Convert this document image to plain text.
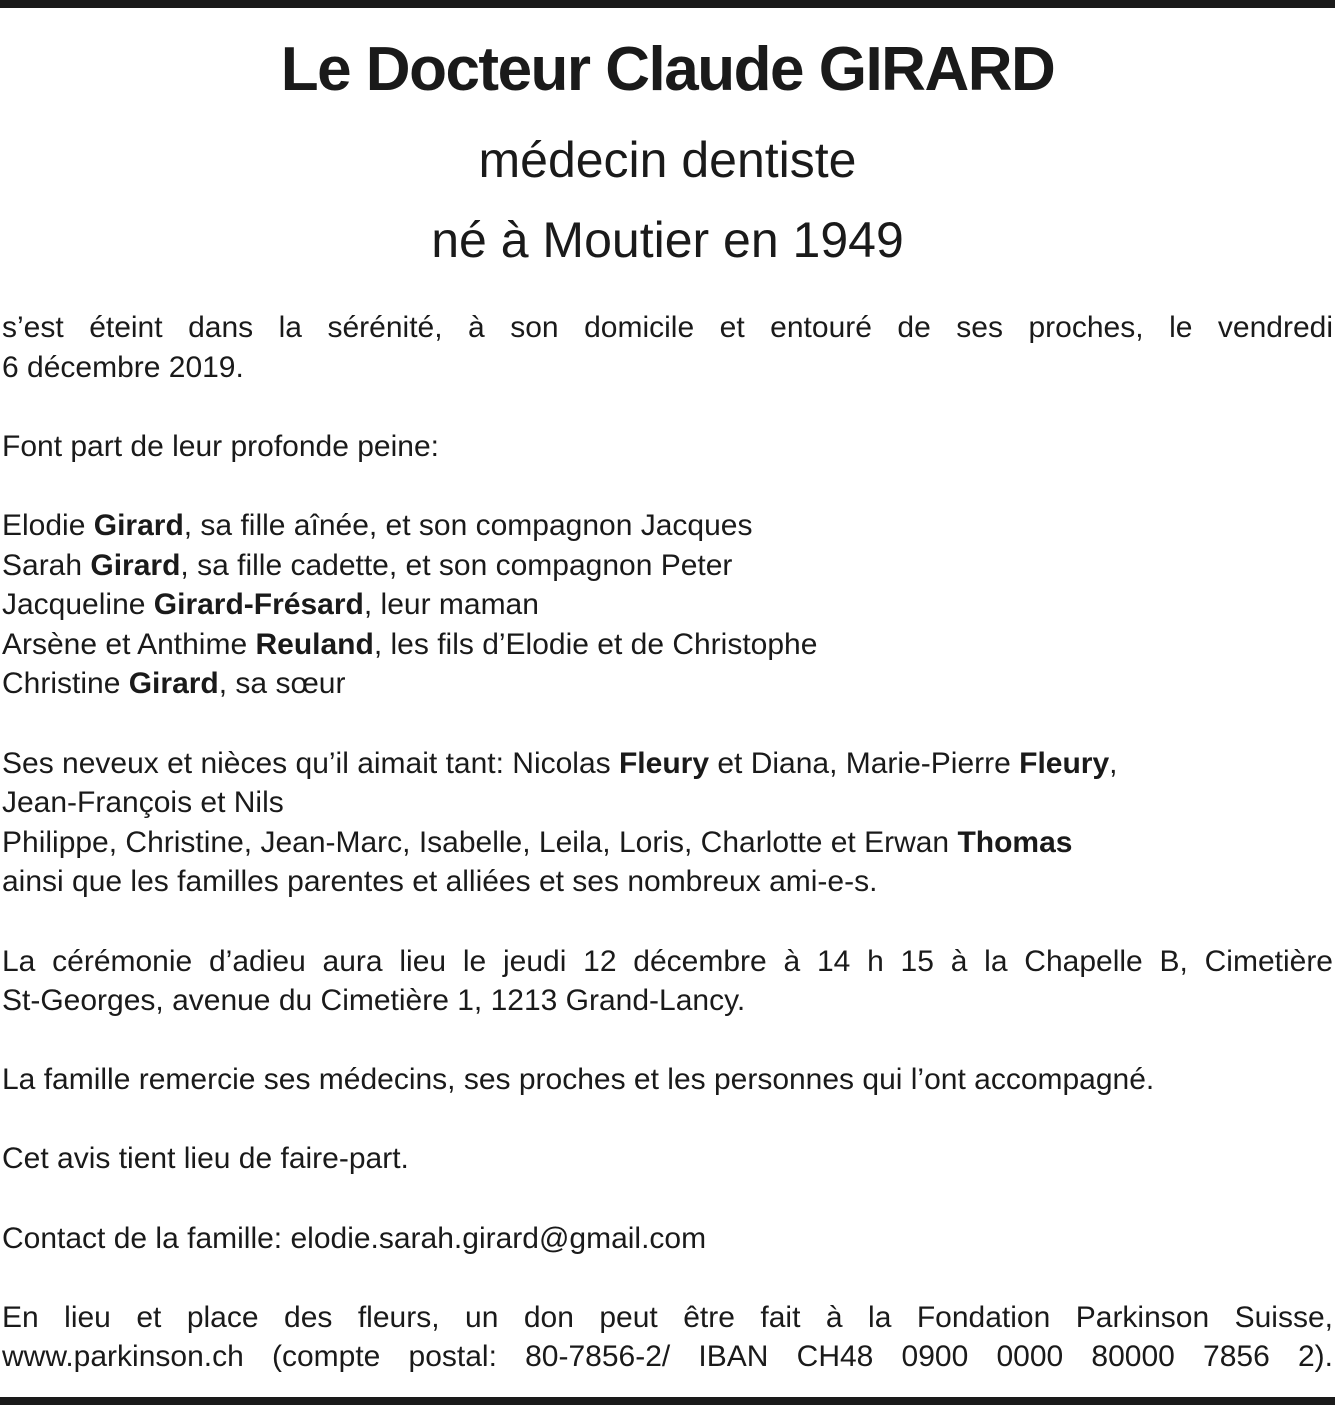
Le Docteur Claude GIRARD
médecin dentiste
né à Moutier en 1949
s’est éteint dans la sérénité, à son domicile et entouré de ses proches, le vendredi
6 décembre 2019.
Font part de leur profonde peine:
Elodie Girard, sa fille aînée, et son compagnon Jacques
Sarah Girard, sa fille cadette, et son compagnon Peter
Jacqueline Girard-Frésard, leur maman
Arsène et Anthime Reuland, les fils d’Elodie et de Christophe
Christine Girard, sa sœur
Ses neveux et nièces qu’il aimait tant: Nicolas Fleury et Diana, Marie-Pierre Fleury,
Jean-François et Nils
Philippe, Christine, Jean-Marc, Isabelle, Leila, Loris, Charlotte et Erwan Thomas
ainsi que les familles parentes et alliées et ses nombreux ami-e-s.
La cérémonie d’adieu aura lieu le jeudi 12 décembre à 14 h 15 à la Chapelle B, Cimetière
St-Georges, avenue du Cimetière 1, 1213 Grand-Lancy.
La famille remercie ses médecins, ses proches et les personnes qui l’ont accompagné.
Cet avis tient lieu de faire-part.
Contact de la famille: elodie.sarah.girard@gmail.com
En lieu et place des fleurs, un don peut être fait à la Fondation Parkinson Suisse,
www.parkinson.ch (compte postal: 80-7856-2/ IBAN CH48 0900 0000 80000 7856 2).
